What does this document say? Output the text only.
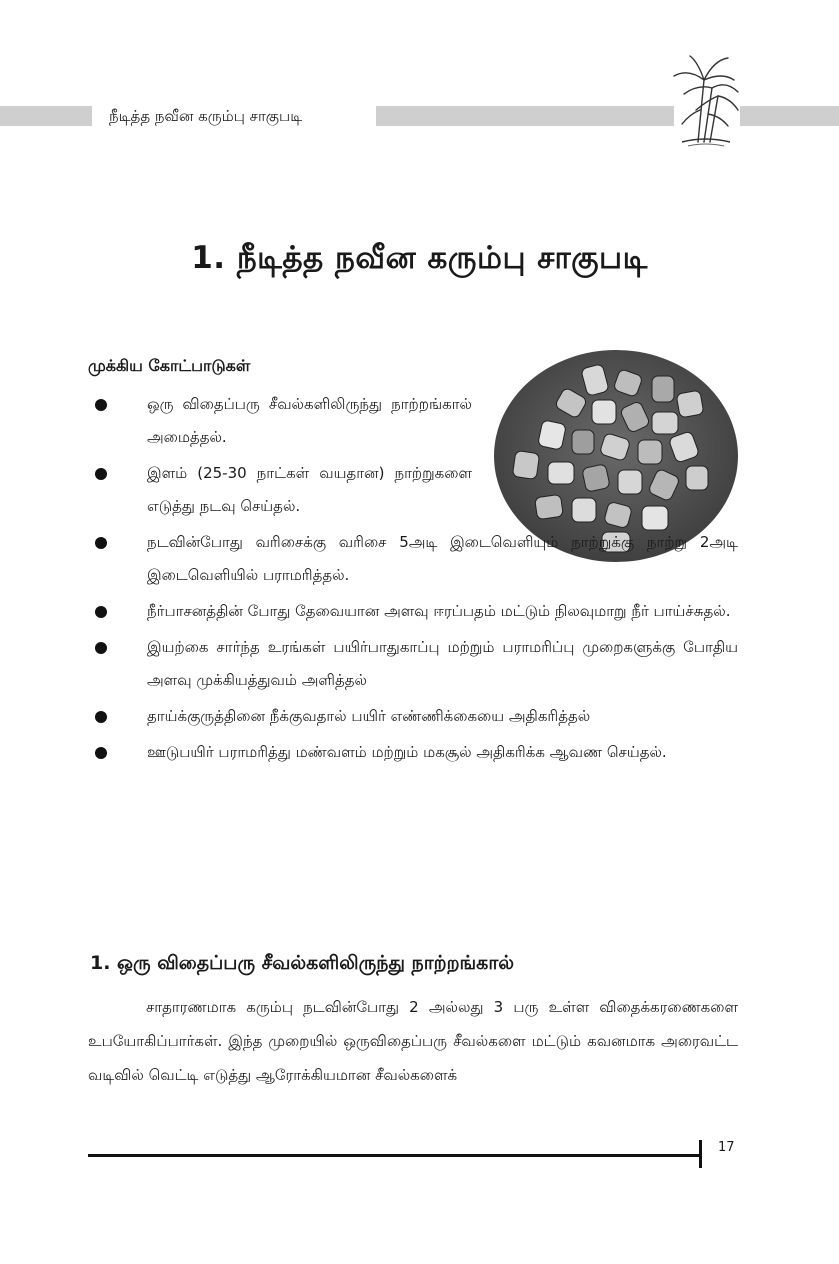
நீடித்த நவீன கரும்பு சாகுபடி
1. நீடித்த நவீன கரும்பு சாகுபடி
முக்கிய கோட்பாடுகள்
ஒரு விதைப்பரு சீவல்களிலிருந்து நாற்றங்கால் அமைத்தல்.
இளம் (25-30 நாட்கள் வயதான) நாற்றுகளை எடுத்து நடவு செய்தல்.
நடவின்போது வரிசைக்கு வரிசை 5அடி இடைவெளியும் நாற்றுக்கு நாற்று 2அடி இடைவெளியில் பராமரித்தல்.
நீர்பாசனத்தின் போது தேவையான அளவு ஈரப்பதம் மட்டும் நிலவுமாறு நீர் பாய்ச்சுதல்.
இயற்கை சார்ந்த உரங்கள் பயிர்பாதுகாப்பு மற்றும் பராமரிப்பு முறைகளுக்கு போதிய அளவு முக்கியத்துவம் அளித்தல்
தாய்க்குருத்தினை நீக்குவதால் பயிர் எண்ணிக்கையை அதிகரித்தல்
ஊடுபயிர் பராமரித்து மண்வளம் மற்றும் மகசூல் அதிகரிக்க ஆவண செய்தல்.
1. ஒரு விதைப்பரு சீவல்களிலிருந்து நாற்றங்கால்

சாதாரணமாக கரும்பு நடவின்போது 2 அல்லது 3 பரு உள்ள விதைக்கரணைகளை உபயோகிப்பார்கள். இந்த முறையில் ஒருவிதைப்பரு சீவல்களை மட்டும் கவனமாக அரைவட்ட வடிவில் வெட்டி எடுத்து ஆரோக்கியமான சீவல்களைக்

17
